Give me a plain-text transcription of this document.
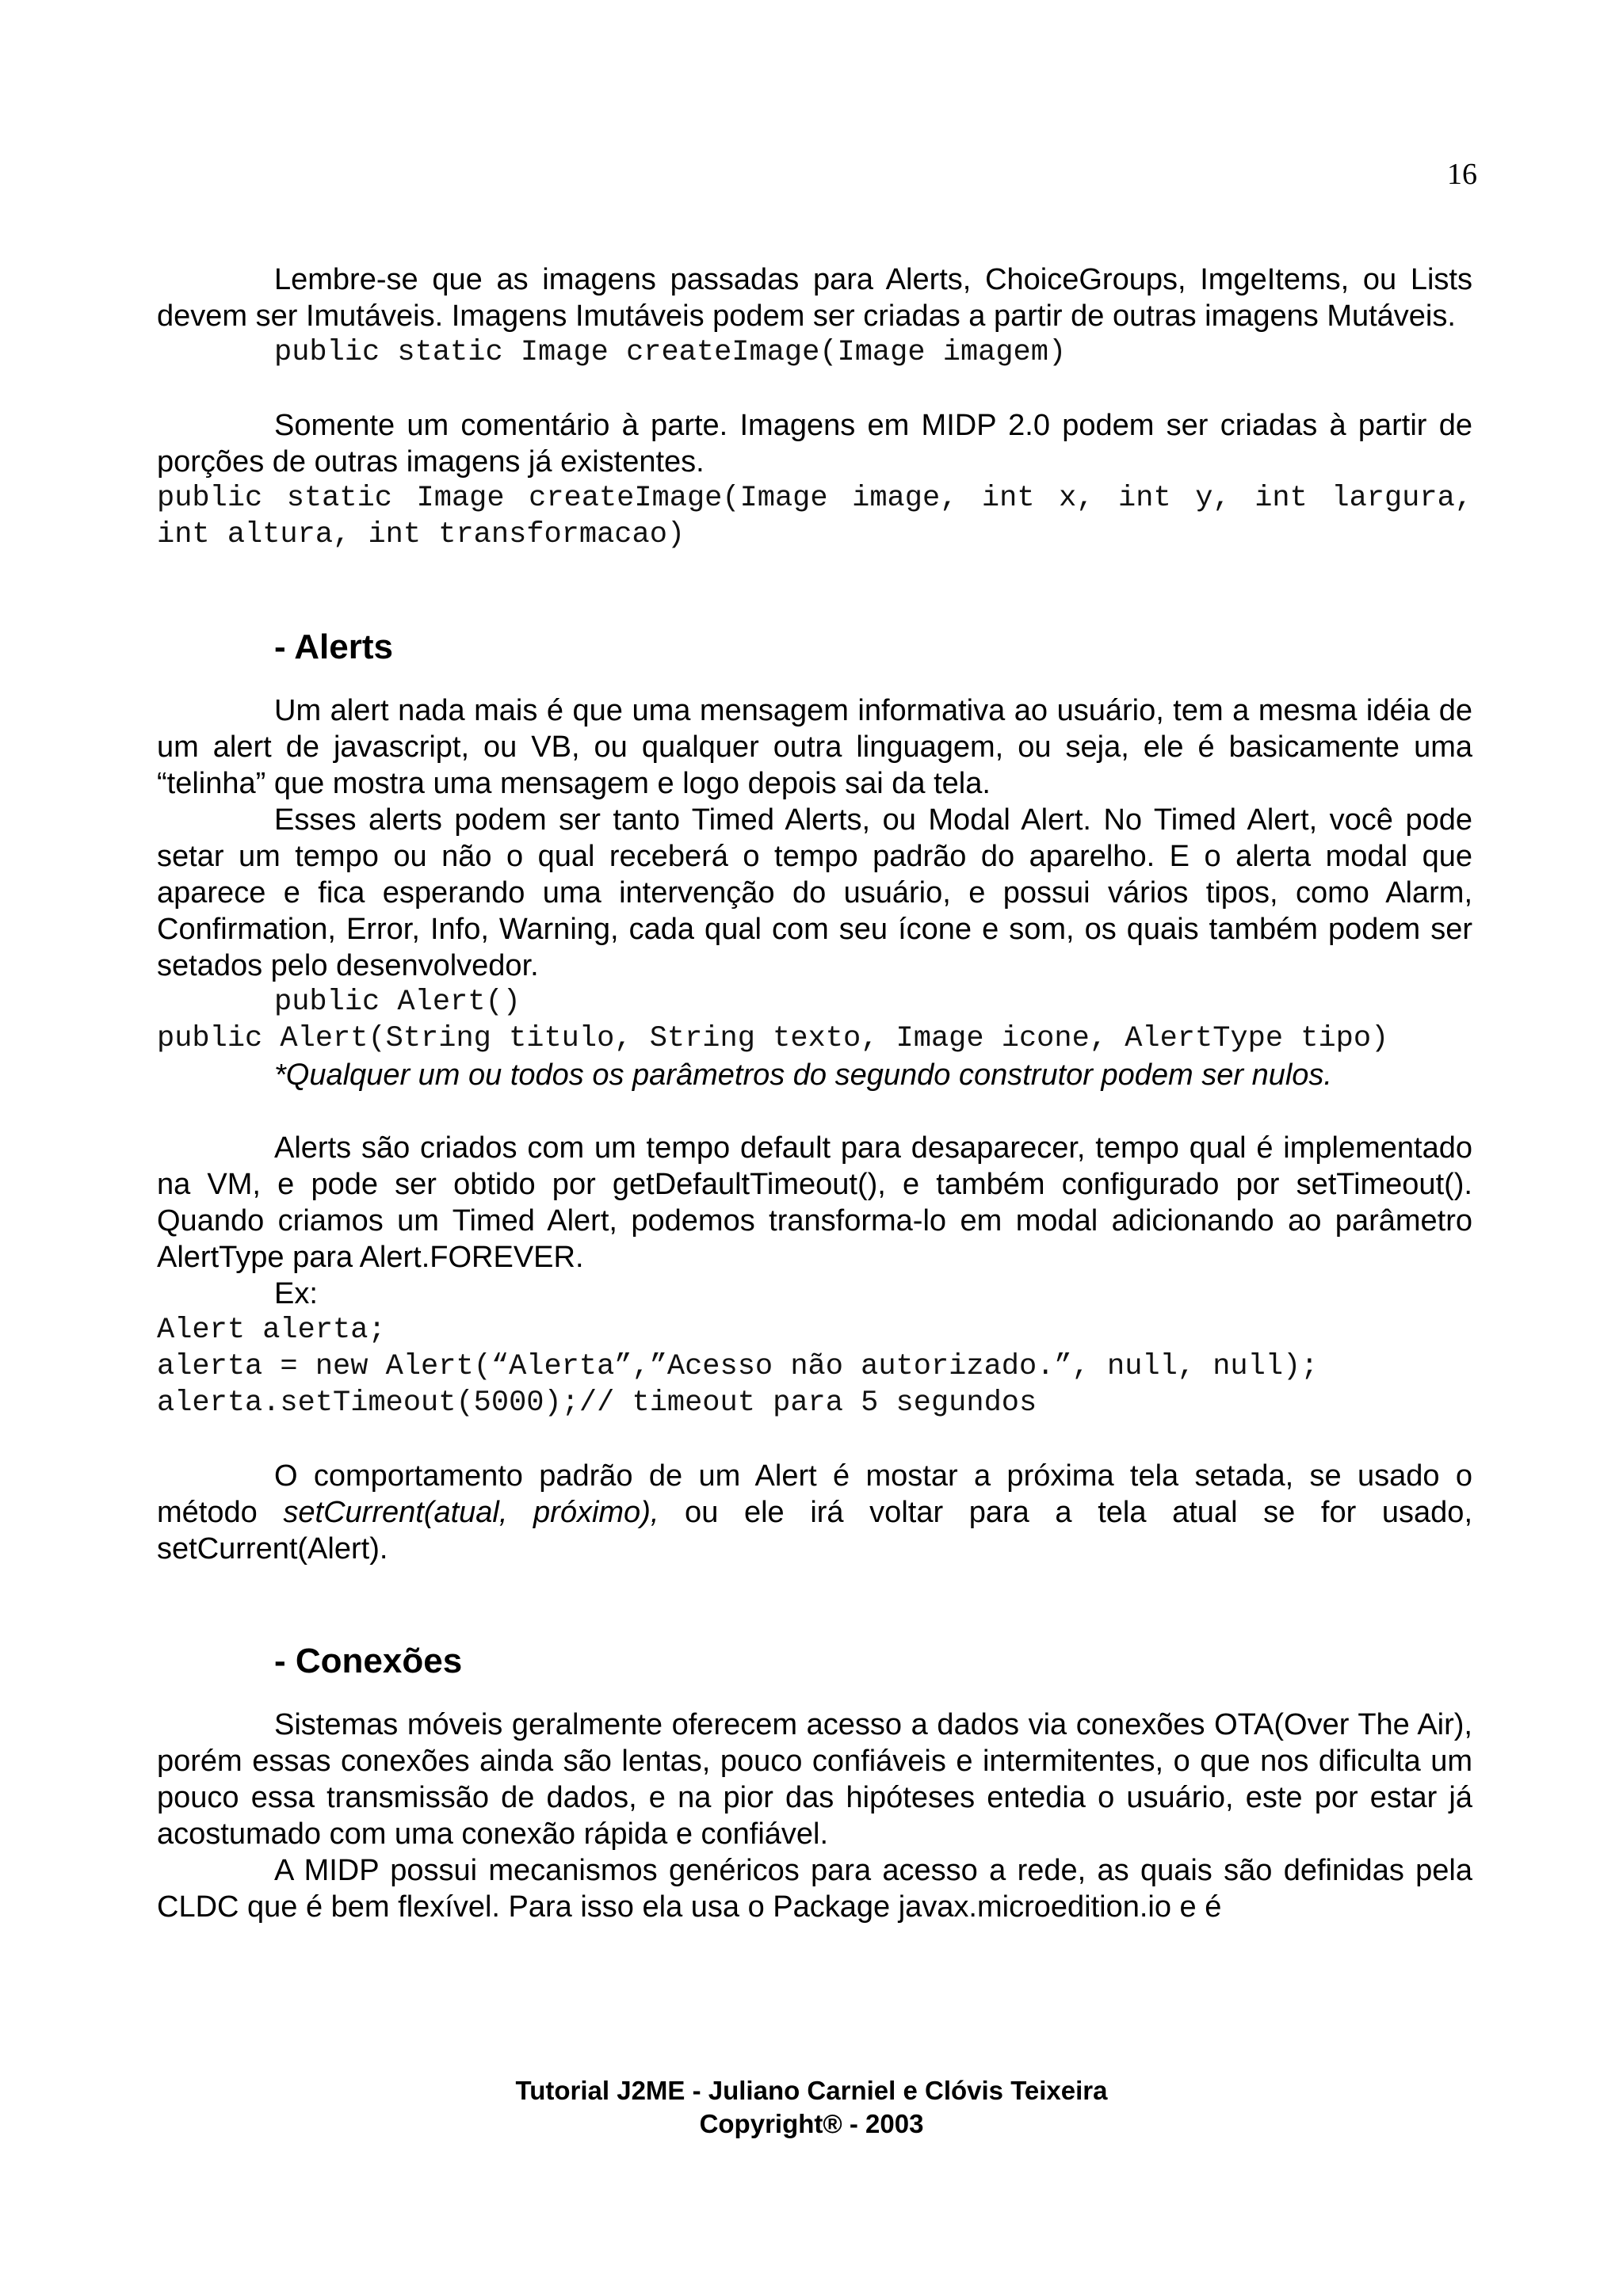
16

Lembre-se que as imagens passadas para Alerts, ChoiceGroups, ImgeItems, ou Lists devem ser Imutáveis. Imagens Imutáveis podem ser criadas a partir de outras imagens Mutáveis.

public static Image createImage(Image imagem)

Somente um comentário à parte. Imagens em MIDP 2.0 podem ser criadas à partir de porções de outras imagens já existentes.

public static Image createImage(Image image, int x, int y, int largura, int altura, int transformacao)
- Alerts

Um alert nada mais é que uma mensagem informativa ao usuário, tem a mesma idéia de um alert de javascript, ou VB, ou qualquer outra linguagem, ou seja, ele é basicamente uma “telinha” que mostra uma mensagem e logo depois sai da tela.

Esses alerts podem ser tanto Timed Alerts, ou Modal Alert. No Timed Alert, você pode setar um tempo ou não o qual receberá o tempo padrão do aparelho. E o alerta modal que aparece e fica esperando uma intervenção do usuário, e possui vários tipos, como Alarm, Confirmation, Error, Info, Warning, cada qual com seu ícone e som, os quais também podem ser setados pelo desenvolvedor.

public Alert()
public Alert(String titulo, String texto, Image icone, AlertType tipo)

*Qualquer um ou todos os parâmetros do segundo construtor podem ser nulos.

Alerts são criados com um tempo default para desaparecer, tempo qual é implementado na VM, e pode ser obtido por getDefaultTimeout(), e também configurado por setTimeout(). Quando criamos um Timed Alert, podemos transforma-lo em modal adicionando ao parâmetro AlertType para Alert.FOREVER.

Ex:

Alert alerta;
alerta = new Alert(“Alerta”,”Acesso não autorizado.”, null, null);
alerta.setTimeout(5000);// timeout para 5 segundos

O comportamento padrão de um Alert é mostar a próxima tela setada, se usado o método setCurrent(atual, próximo), ou ele irá voltar para a tela atual se for usado, setCurrent(Alert).

- Conexões

Sistemas móveis geralmente oferecem acesso a dados via conexões OTA(Over The Air), porém essas conexões ainda são lentas, pouco confiáveis e intermitentes, o que nos dificulta um pouco essa transmissão de dados, e na pior das hipóteses entedia o usuário, este por estar já acostumado com uma conexão rápida e confiável.

A MIDP possui mecanismos genéricos para acesso a rede, as quais são definidas pela CLDC que é bem flexível. Para isso ela usa o Package javax.microedition.io e é

Tutorial J2ME - Juliano Carniel e Clóvis Teixeira
Copyright® - 2003
